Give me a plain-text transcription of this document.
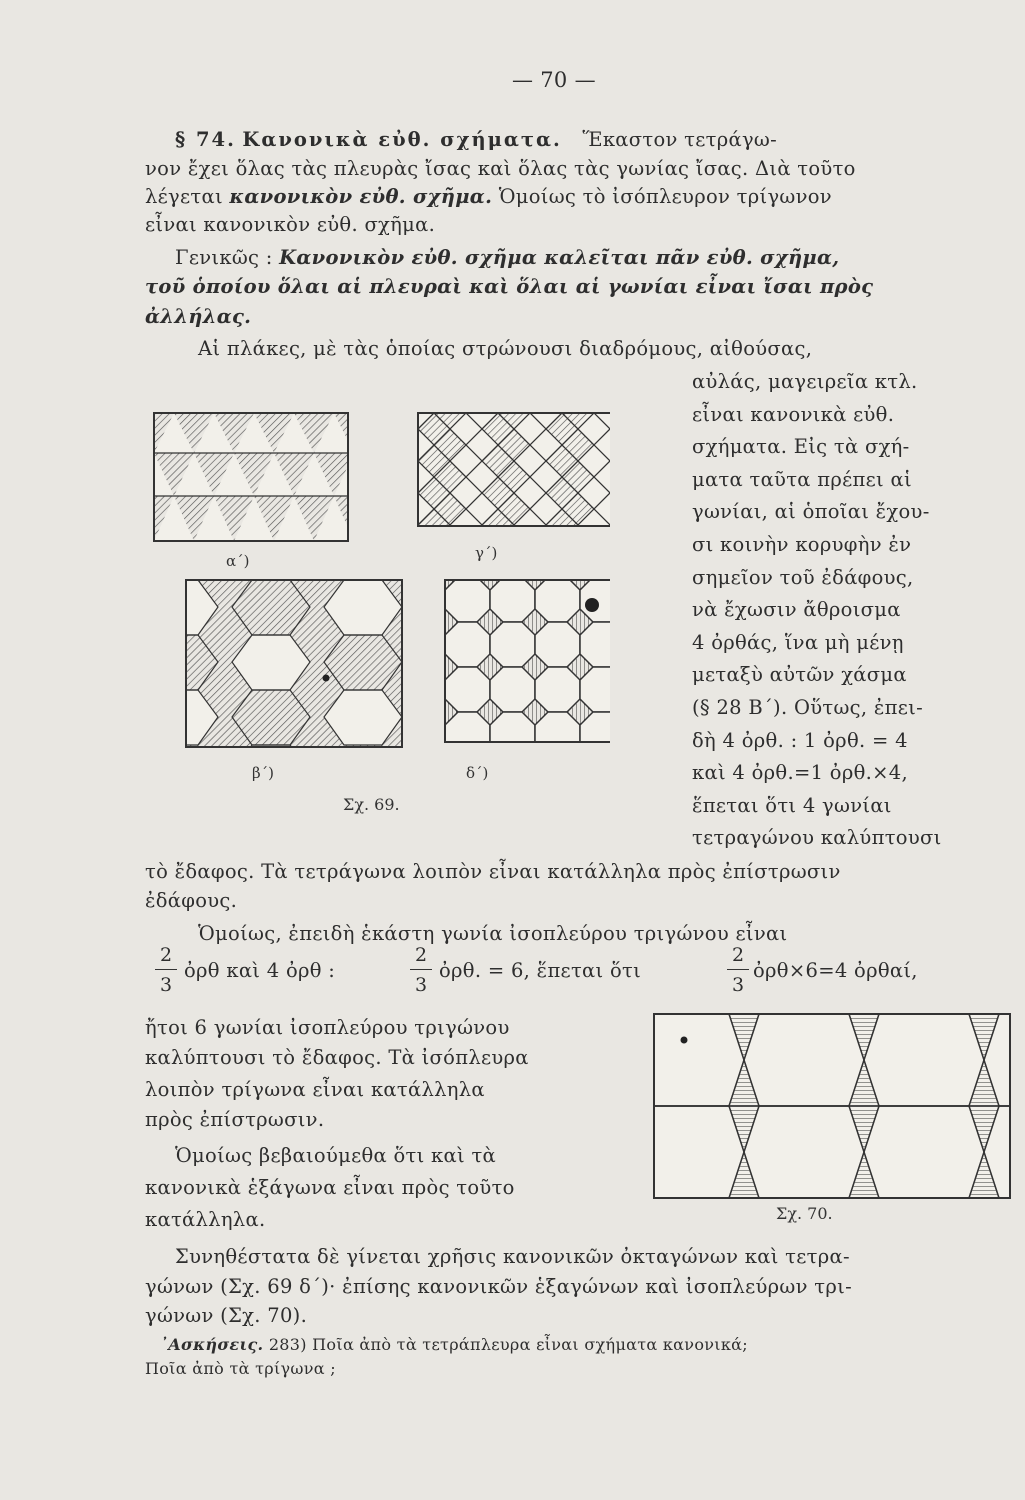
— 70 —
§ 74. Κανονικὰ εὐθ. σχήματα. Ἕκαστον τετράγω-
νον ἔχει ὅλας τὰς πλευρὰς ἴσας καὶ ὅλας τὰς γωνίας ἴσας. Διὰ τοῦτο
λέγεται κανονικὸν εὐθ. σχῆμα. Ὁμοίως τὸ ἰσόπλευρον τρίγωνον
εἶναι κανονικὸν εὐθ. σχῆμα.
Γενικῶς : Κανονικὸν εὐθ. σχῆμα καλεῖται πᾶν εὐθ. σχῆμα,
τοῦ ὁποίου ὅλαι αἱ πλευραὶ καὶ ὅλαι αἱ γωνίαι εἶναι ἴσαι πρὸς
ἀλλήλας.
Αἱ πλάκες, μὲ τὰς ὁποίας στρώνουσι διαδρόμους, αἰθούσας,
αὐλάς, μαγειρεῖα κτλ.
εἶναι κανονικὰ εὐθ.
σχήματα. Εἰς τὰ σχή-
ματα ταῦτα πρέπει αἱ
γωνίαι, αἱ ὁποῖαι ἔχου-
σι κοινὴν κορυφὴν ἐν
σημεῖον τοῦ ἐδάφους,
νὰ ἔχωσιν ἄθροισμα
4 ὀρθάς, ἵνα μὴ μένῃ
μεταξὺ αὐτῶν χάσμα
(§ 28 Β΄). Οὕτως, ἐπει-
δὴ 4 ὀρθ. : 1 ὀρθ. = 4
καὶ 4 ὀρθ.=1 ὀρθ.×4,
ἕπεται ὅτι 4 γωνίαι
τετραγώνου καλύπτουσι
α΄)	γ΄)
β΄)	δ΄)
Σχ. 69.
τὸ ἔδαφος. Τὰ τετράγωνα λοιπὸν εἶναι κατάλληλα πρὸς ἐπίστρωσιν
ἐδάφους.
Ὁμοίως, ἐπειδὴ ἑκάστη γωνία ἰσοπλεύρου τριγώνου εἶναι
2
3
ὀρθ καὶ 4 ὀρθ :
2
3
ὀρθ. = 6, ἕπεται ὅτι
2
3
ὀρθ×6=4 ὀρθαί,
ἤτοι 6 γωνίαι ἰσοπλεύρου τριγώνου
καλύπτουσι τὸ ἔδαφος. Τὰ ἰσόπλευρα
λοιπὸν τρίγωνα εἶναι κατάλληλα
πρὸς ἐπίστρωσιν.
Ὁμοίως βεβαιούμεθα ὅτι καὶ τὰ
κανονικὰ ἑξάγωνα εἶναι πρὸς τοῦτο
κατάλληλα.	Σχ. 70.
Συνηθέστατα δὲ γίνεται χρῆσις κανονικῶν ὀκταγώνων καὶ τετρα-
γώνων (Σχ. 69 δ΄)· ἐπίσης κανονικῶν ἑξαγώνων καὶ ἰσοπλεύρων τρι-
γώνων (Σχ. 70).
᾿Ασκήσεις. 283) Ποῖα ἀπὸ τὰ τετράπλευρα εἶναι σχήματα κανονικά;
Ποῖα ἀπὸ τὰ τρίγωνα ;
